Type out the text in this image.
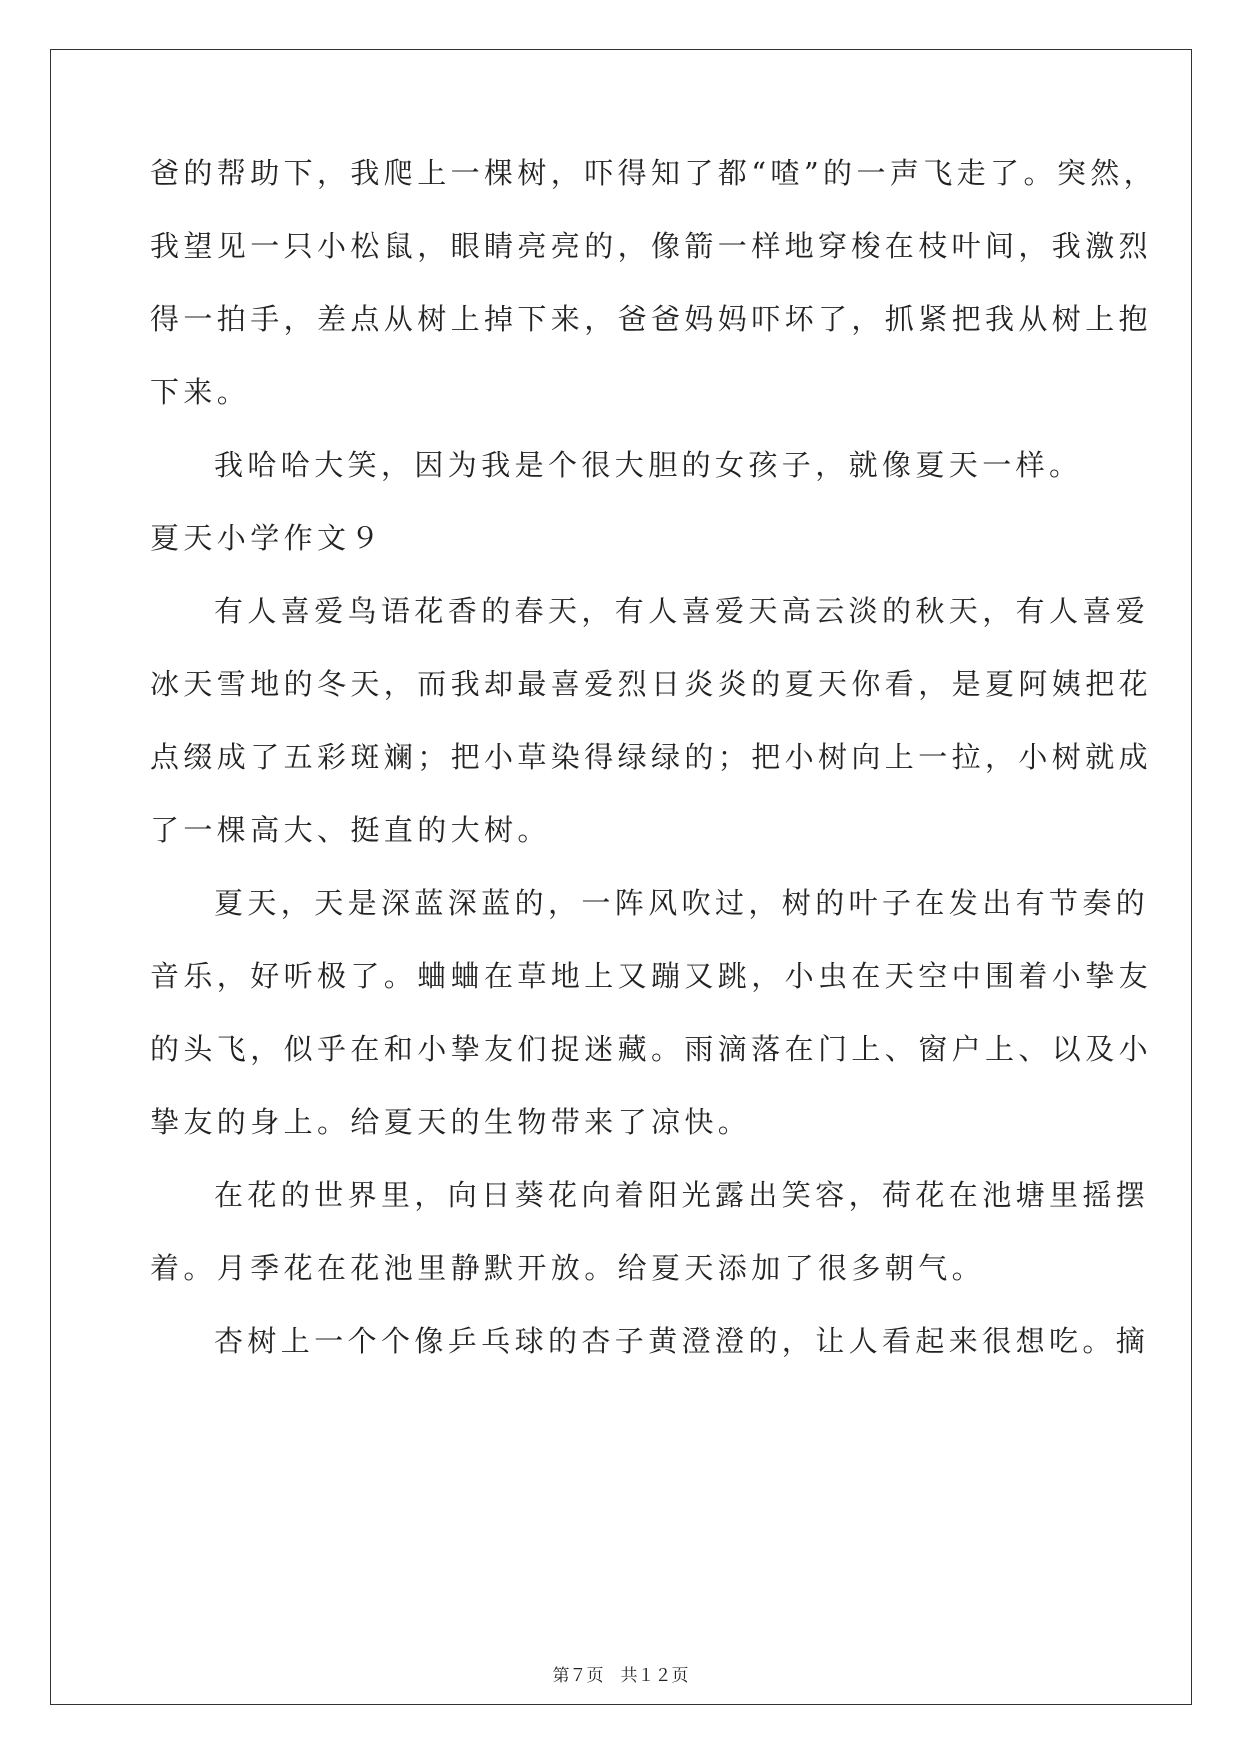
爸的帮助下，我爬上一棵树，吓得知了都“喳”的一声飞走了。突然，
我望见一只小松鼠，眼睛亮亮的，像箭一样地穿梭在枝叶间，我激烈
得一拍手，差点从树上掉下来，爸爸妈妈吓坏了，抓紧把我从树上抱
下来。
我哈哈大笑，因为我是个很大胆的女孩子，就像夏天一样。
夏天小学作文９
有人喜爱鸟语花香的春天，有人喜爱天高云淡的秋天，有人喜爱
冰天雪地的冬天，而我却最喜爱烈日炎炎的夏天你看，是夏阿姨把花
点缀成了五彩斑斓；把小草染得绿绿的；把小树向上一拉，小树就成
了一棵高大、挺直的大树。
夏天，天是深蓝深蓝的，一阵风吹过，树的叶子在发出有节奏的
音乐，好听极了。蛐蛐在草地上又蹦又跳，小虫在天空中围着小挚友
的头飞，似乎在和小挚友们捉迷藏。雨滴落在门上、窗户上、以及小
挚友的身上。给夏天的生物带来了凉快。
在花的世界里，向日葵花向着阳光露出笑容，荷花在池塘里摇摆
着。月季花在花池里静默开放。给夏天添加了很多朝气。
杏树上一个个像乒乓球的杏子黄澄澄的，让人看起来很想吃。摘
第７页　共１２页
